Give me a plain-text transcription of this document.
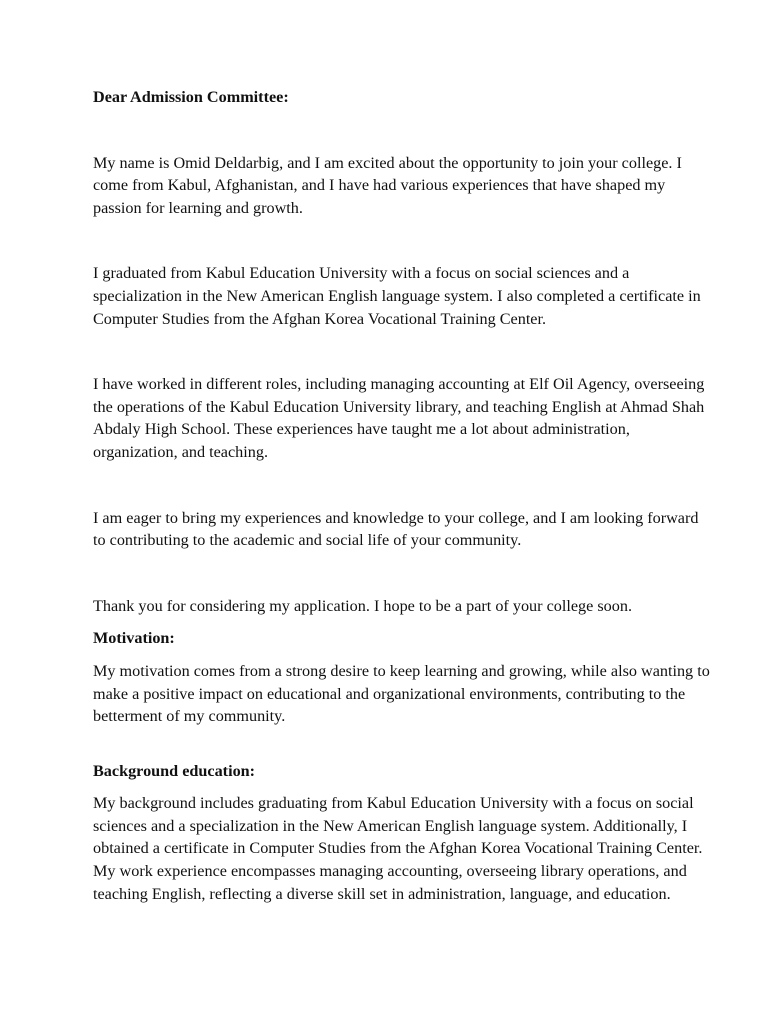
Dear Admission Committee:

My name is Omid Deldarbig, and I am excited about the opportunity to join your college. I come from Kabul, Afghanistan, and I have had various experiences that have shaped my passion for learning and growth.

I graduated from Kabul Education University with a focus on social sciences and a specialization in the New American English language system. I also completed a certificate in Computer Studies from the Afghan Korea Vocational Training Center.

I have worked in different roles, including managing accounting at Elf Oil Agency, overseeing the operations of the Kabul Education University library, and teaching English at Ahmad Shah Abdaly High School. These experiences have taught me a lot about administration, organization, and teaching.

I am eager to bring my experiences and knowledge to your college, and I am looking forward to contributing to the academic and social life of your community.

Thank you for considering my application. I hope to be a part of your college soon.

Motivation:

My motivation comes from a strong desire to keep learning and growing, while also wanting to make a positive impact on educational and organizational environments, contributing to the betterment of my community.

Background education:

My background includes graduating from Kabul Education University with a focus on social sciences and a specialization in the New American English language system. Additionally, I obtained a certificate in Computer Studies from the Afghan Korea Vocational Training Center. My work experience encompasses managing accounting, overseeing library operations, and teaching English, reflecting a diverse skill set in administration, language, and education.
